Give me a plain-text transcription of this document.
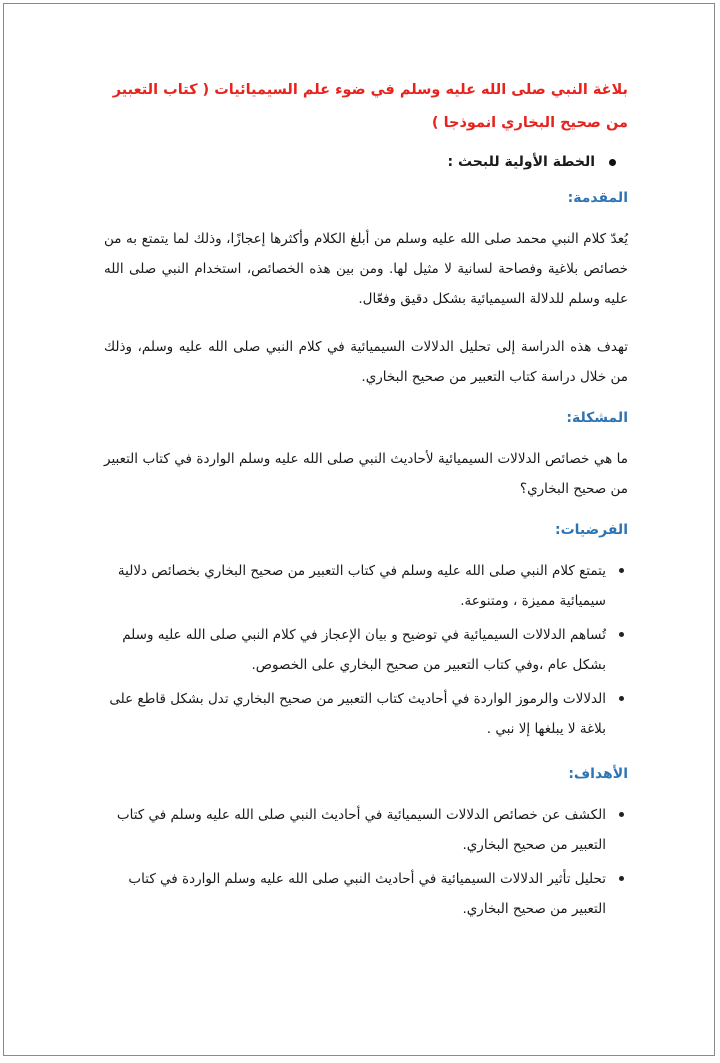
بلاغة النبي صلى الله عليه وسلم في ضوء علم السيميائيات ( كتاب التعبير من صحيح البخاري انموذجا )
الخطة الأولية للبحث :
المقدمة:

يُعدّ كلام النبي محمد صلى الله عليه وسلم من أبلغ الكلام وأكثرها إعجازًا، وذلك لما يتمتع به من خصائص بلاغية وفصاحة لسانية لا مثيل لها. ومن بين هذه الخصائص، استخدام النبي صلى الله عليه وسلم للدلالة السيميائية بشكل دقيق وفعّال.

تهدف هذه الدراسة إلى تحليل الدلالات السيميائية في كلام النبي صلى الله عليه وسلم، وذلك من خلال دراسة كتاب التعبير من صحيح البخاري.

المشكلة:

ما هي خصائص الدلالات السيميائية لأحاديث النبي صلى الله عليه وسلم الواردة في كتاب التعبير من صحيح البخاري؟

الفرضيات:
يتمتع كلام النبي صلى الله عليه وسلم في كتاب التعبير من صحيح البخاري بخصائص دلالية سيميائية مميزة ، ومتنوعة.
تُساهم الدلالات السيميائية في توضيح و بيان الإعجاز في كلام النبي صلى الله عليه وسلم بشكل عام ،وفي كتاب التعبير من صحيح البخاري على الخصوص.
الدلالات والرموز الواردة في أحاديث كتاب التعبير من صحيح البخاري تدل بشكل قاطع على بلاغة لا يبلغها إلا نبي .
الأهداف:
الكشف عن خصائص الدلالات السيميائية في أحاديث النبي صلى الله عليه وسلم في كتاب التعبير من صحيح البخاري.
تحليل تأثير الدلالات السيميائية في أحاديث النبي صلى الله عليه وسلم الواردة في كتاب التعبير من صحيح البخاري.
